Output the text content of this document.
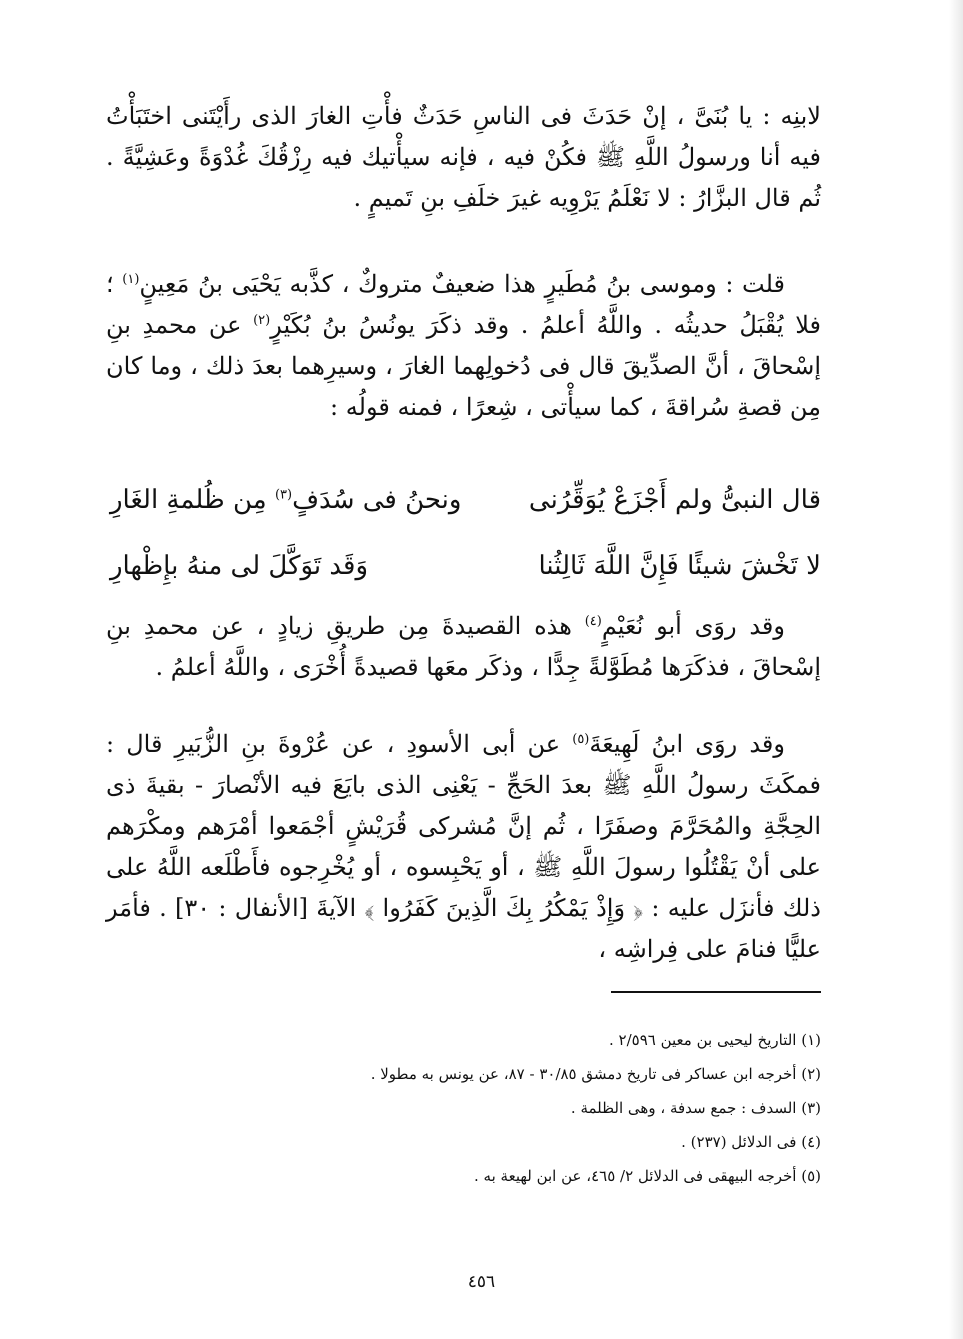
لابنِه : يا بُنَىَّ ، إنْ حَدَثَ فى الناسِ حَدَثٌ فأْتِ الغارَ الذى رأَيْتَنى اختَبَأْتُ فيه أنا ورسولُ اللَّهِ ﷺ فكُنْ فيه ، فإنه سيأْتيك فيه رِزْقُكَ غُدْوَةً وعَشِيَّةً . ثُم قال البزَّارُ : لا نَعْلَمُ يَرْوِيه غيرَ خلَفِ بنِ تَميمٍ .

قلت : وموسى بنُ مُطَيرٍ هذا ضعيفٌ متروكٌ ، كذَّبه يَحْيَى بنُ مَعِينٍ$^{(١)}$ ؛ فلا يُقْبَلُ حديثُه . واللَّهُ أعلمُ . وقد ذكَرَ يونُسُ بنُ بُكَيْرٍ$^{(٢)}$ عن محمدِ بنِ إسْحاقَ ، أنَّ الصدِّيقَ قال فى دُخولِهما الغارَ ، وسيرِهما بعدَ ذلك ، وما كان مِن قصةِ سُراقةَ ، كما سيأْتى ، شِعرًا ، فمنه قولُه :

قال النبىُّ ولم أَجْزَعْ يُوَقِّرُنى
ونحنُ فى سُدَفٍ$^{(٣)}$ مِن ظُلمةِ الغَارِ
لا تَخْشَ شيئًا فَإِنَّ اللَّهَ ثَالِثُنا
وَقَد تَوَكَّلَ لى منهُ بإِظْهارِ

وقد روَى أبو نُعَيْمٍ$^{(٤)}$ هذه القصيدةَ مِن طريقِ زيادٍ ، عن محمدِ بنِ إسْحاقَ ، فذكَرَها مُطَوَّلةً جِدًّا ، وذكَر معَها قصيدةً أُخْرَى ، واللَّهُ أعلمُ .

وقد روَى ابنُ لَهِيعَةَ$^{(٥)}$ عن أبى الأسودِ ، عن عُرْوةَ بنِ الزُّبَيرِ قال : فمكَثَ رسولُ اللَّهِ ﷺ بعدَ الحَجِّ - يَعْنِى الذى بايَعَ فيه الأنْصارَ - بقيةَ ذى الحِجَّةِ والمُحَرَّمَ وصفَرًا ، ثُم إنَّ مُشركى قُرَيْشٍ أجْمَعوا أمْرَهم ومكْرَهم على أنْ يَقْتُلُوا رسولَ اللَّهِ ﷺ ، أو يَحْبِسوه ، أو يُخْرِجوه فأَطْلَعه اللَّهُ على ذلك فأنزَل عليه : ﴿ وَإِذْ يَمْكُرُ بِكَ الَّذِينَ كَفَرُوا ﴾ الآيةَ [الأنفال : ٣٠] . فأمَر عليًّا فنامَ على فِراشِه ،

(١) التاريخ ليحيى بن معين ٢/٥٩٦ .
(٢) أخرجه ابن عساكر فى تاريخ دمشق ٣٠/٨٥ - ٨٧، عن يونس به مطولا .
(٣) السدف : جمع سدفة ، وهى الظلمة .
(٤) فى الدلائل (٢٣٧) .
(٥) أخرجه البيهقى فى الدلائل ٢/ ٤٦٥، عن ابن لهيعة به .
٤٥٦
